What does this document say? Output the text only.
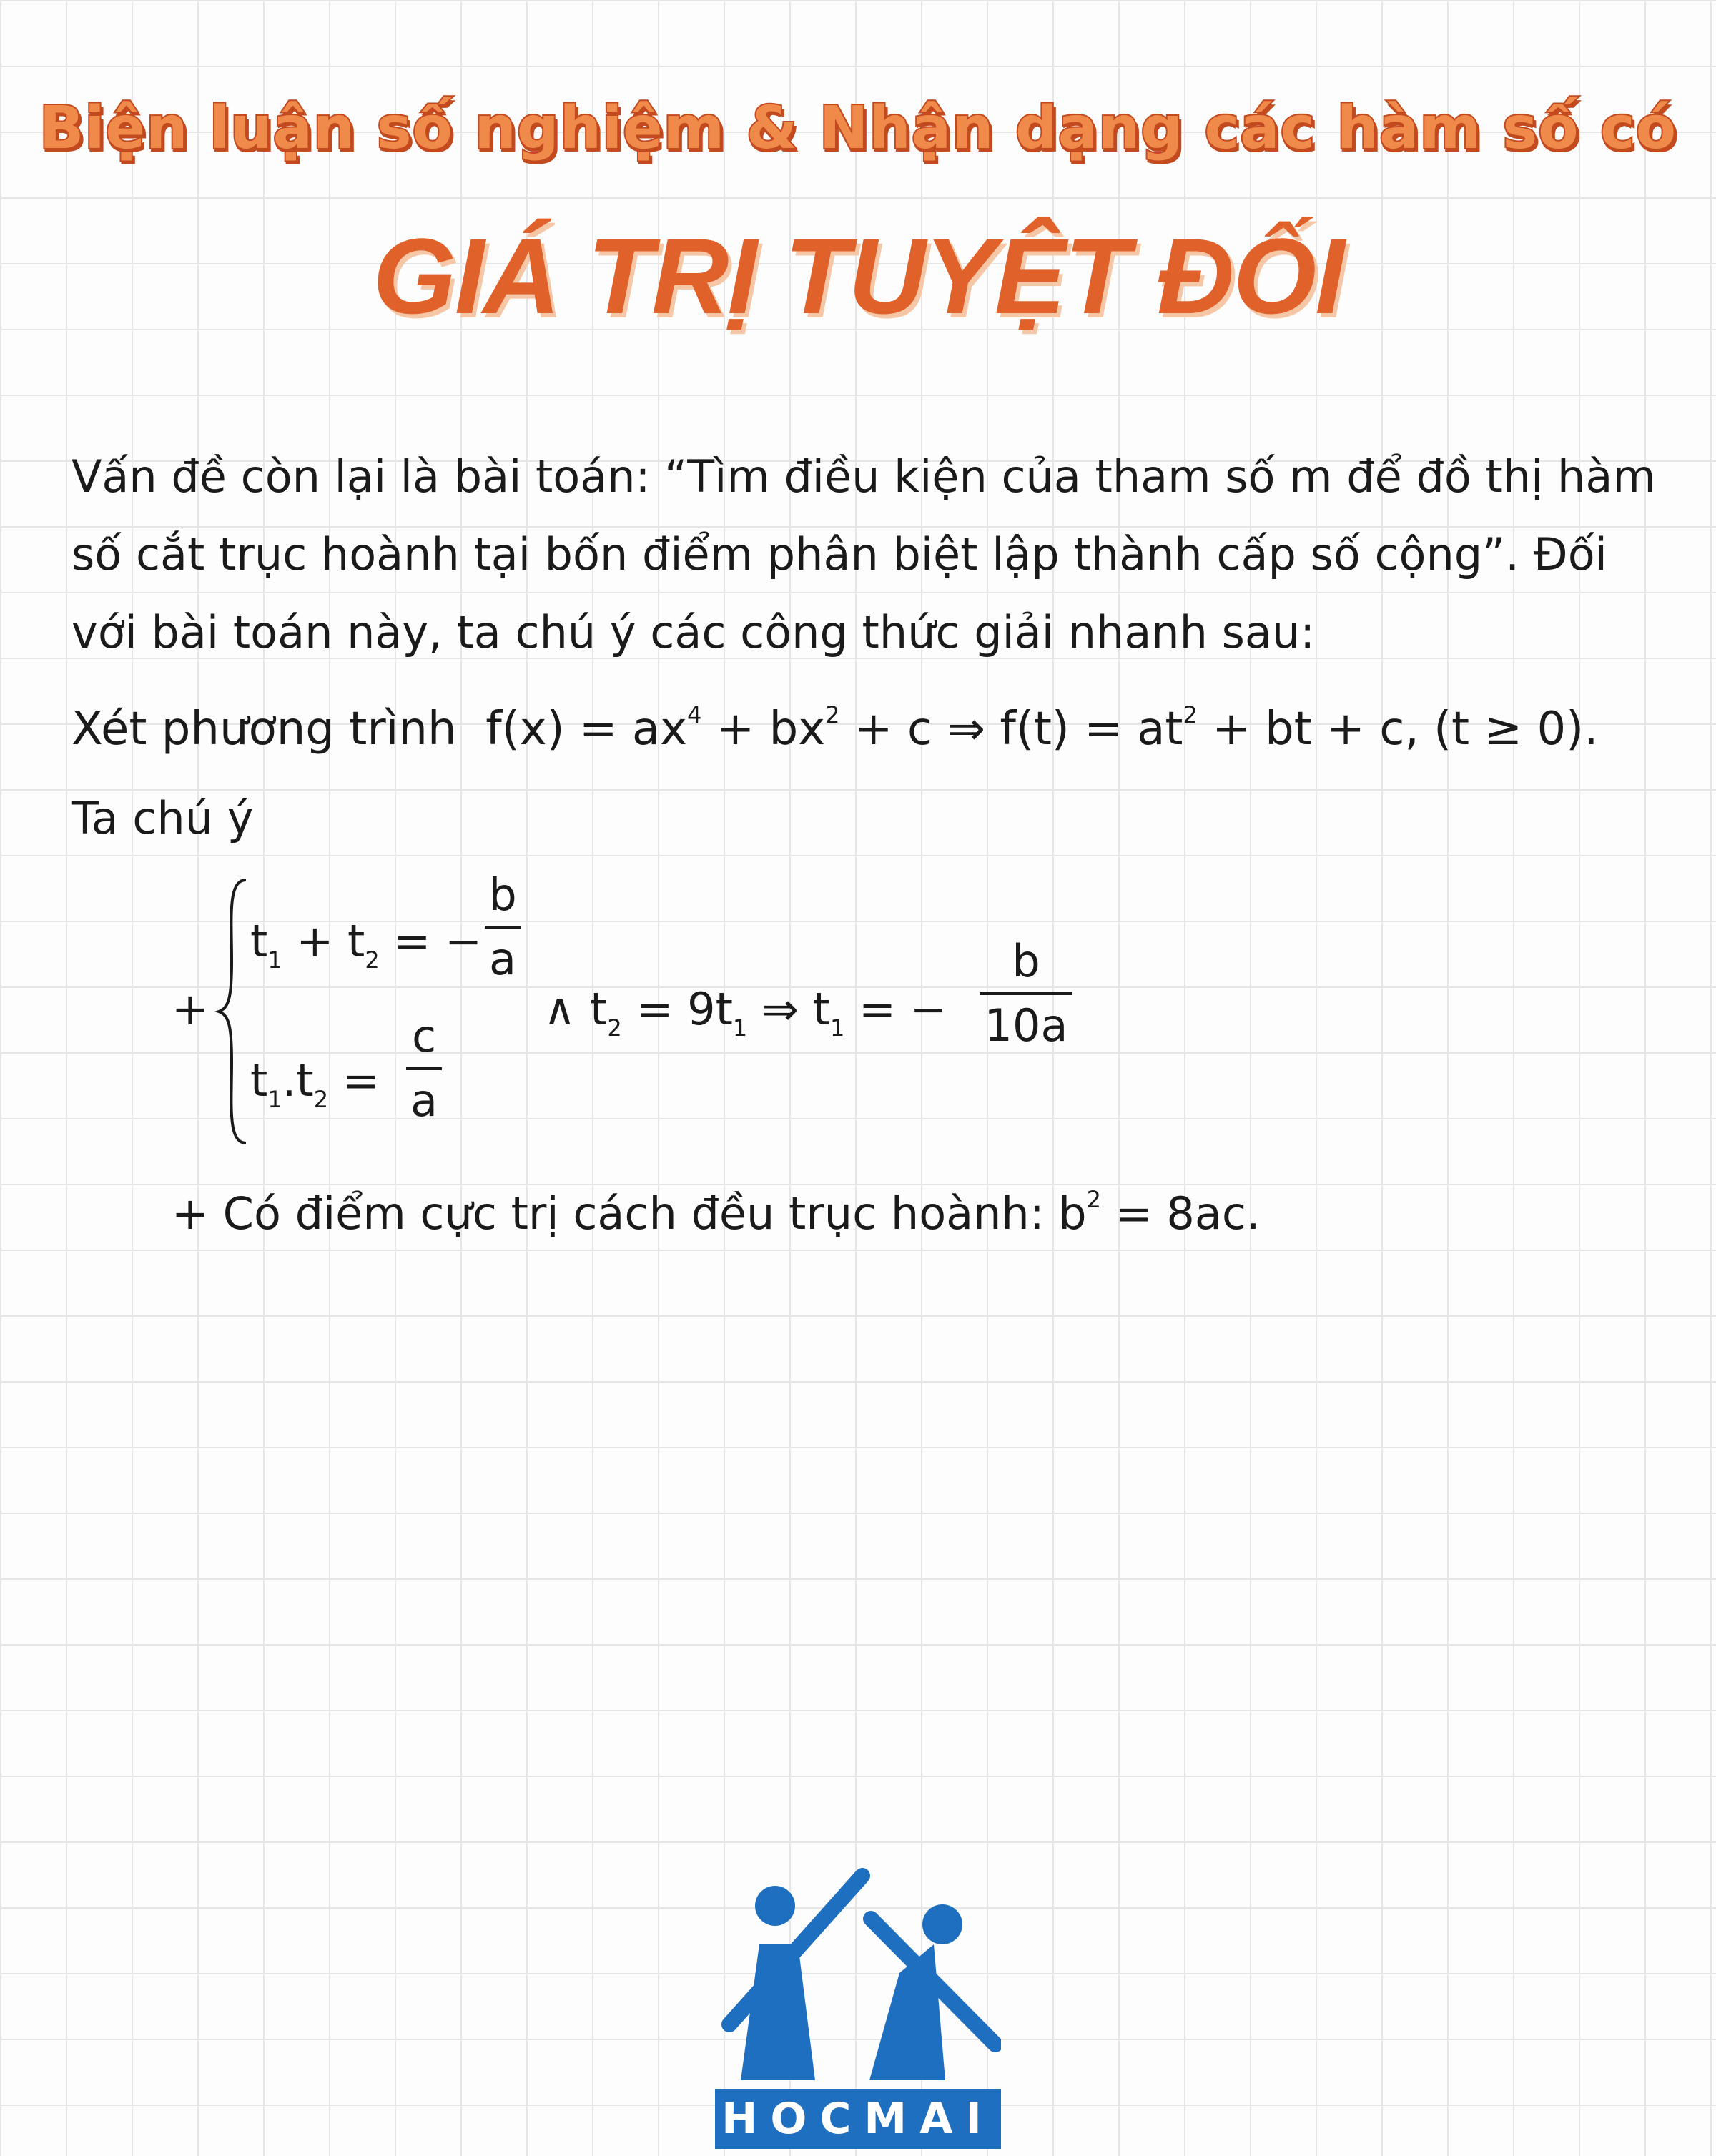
Biện luận số nghiệm & Nhận dạng các hàm số có
GIÁ TRỊ TUYỆT ĐỐI

Vấn đề còn lại là bài toán: “Tìm điều kiện của tham số m để đồ thị hàm số cắt trục hoành tại bốn điểm phân biệt lập thành cấp số cộng”. Đối với bài toán này, ta chú ý các công thức giải nhanh sau:

Xét phương trình $f(x) = ax^4 + bx^2 + c$ ⇒ $f(t) = at^2$ + bt + c, (t ≥ 0).
Ta chú ý
+
$t_1 + t_2$ = −
b
a
$t_1.t_2$ =
c
a
∧ $t_2 = 9t_1$ ⇒ $t_1$ = −
b
10a
+ Có điểm cực trị cách đều trục hoành: $b^2 = 8ac$.
HOCMAI
